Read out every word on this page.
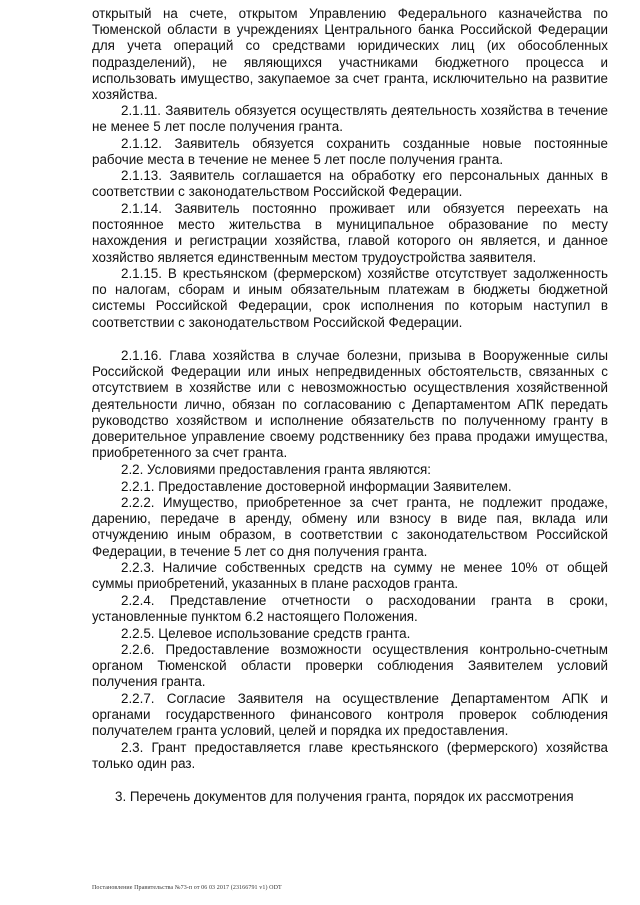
открытый на счете, открытом Управлению Федерального казначейства по Тюменской области в учреждениях Центрального банка Российской Федерации для учета операций со средствами юридических лиц (их обособленных подразделений), не являющихся участниками бюджетного процесса и использовать имущество, закупаемое за счет гранта, исключительно на развитие хозяйства.

2.1.11. Заявитель обязуется осуществлять деятельность хозяйства в течение не менее 5 лет после получения гранта.

2.1.12. Заявитель обязуется сохранить созданные новые постоянные рабочие места в течение не менее 5 лет после получения гранта.

2.1.13. Заявитель соглашается на обработку его персональных данных в соответствии с законодательством Российской Федерации.

2.1.14. Заявитель постоянно проживает или обязуется переехать на постоянное место жительства в муниципальное образование по месту нахождения и регистрации хозяйства, главой которого он является, и данное хозяйство является единственным местом трудоустройства заявителя.

2.1.15. В крестьянском (фермерском) хозяйстве отсутствует задолженность по налогам, сборам и иным обязательным платежам в бюджеты бюджетной системы Российской Федерации, срок исполнения по которым наступил в соответствии с законодательством Российской Федерации.

2.1.16. Глава хозяйства в случае болезни, призыва в Вооруженные силы Российской Федерации или иных непредвиденных обстоятельств, связанных с отсутствием в хозяйстве или с невозможностью осуществления хозяйственной деятельности лично, обязан по согласованию с Департаментом АПК передать руководство хозяйством и исполнение обязательств по полученному гранту в доверительное управление своему родственнику без права продажи имущества, приобретенного за счет гранта.

2.2. Условиями предоставления гранта являются:

2.2.1. Предоставление достоверной информации Заявителем.

2.2.2. Имущество, приобретенное за счет гранта, не подлежит продаже, дарению, передаче в аренду, обмену или взносу в виде пая, вклада или отчуждению иным образом, в соответствии с законодательством Российской Федерации, в течение 5 лет со дня получения гранта.

2.2.3. Наличие собственных средств на сумму не менее 10% от общей суммы приобретений, указанных в плане расходов гранта.

2.2.4. Представление отчетности о расходовании гранта в сроки, установленные пунктом 6.2 настоящего Положения.

2.2.5. Целевое использование средств гранта.

2.2.6. Предоставление возможности осуществления контрольно-счетным органом Тюменской области проверки соблюдения Заявителем условий получения гранта.

2.2.7. Согласие Заявителя на осуществление Департаментом АПК и органами государственного финансового контроля проверок соблюдения получателем гранта условий, целей и порядка их предоставления.

2.3. Грант предоставляется главе крестьянского (фермерского) хозяйства только один раз.

3. Перечень документов для получения гранта, порядок их рассмотрения
Постановление Правительства №73-п от 06 03 2017 (23166791 v1) ODT
